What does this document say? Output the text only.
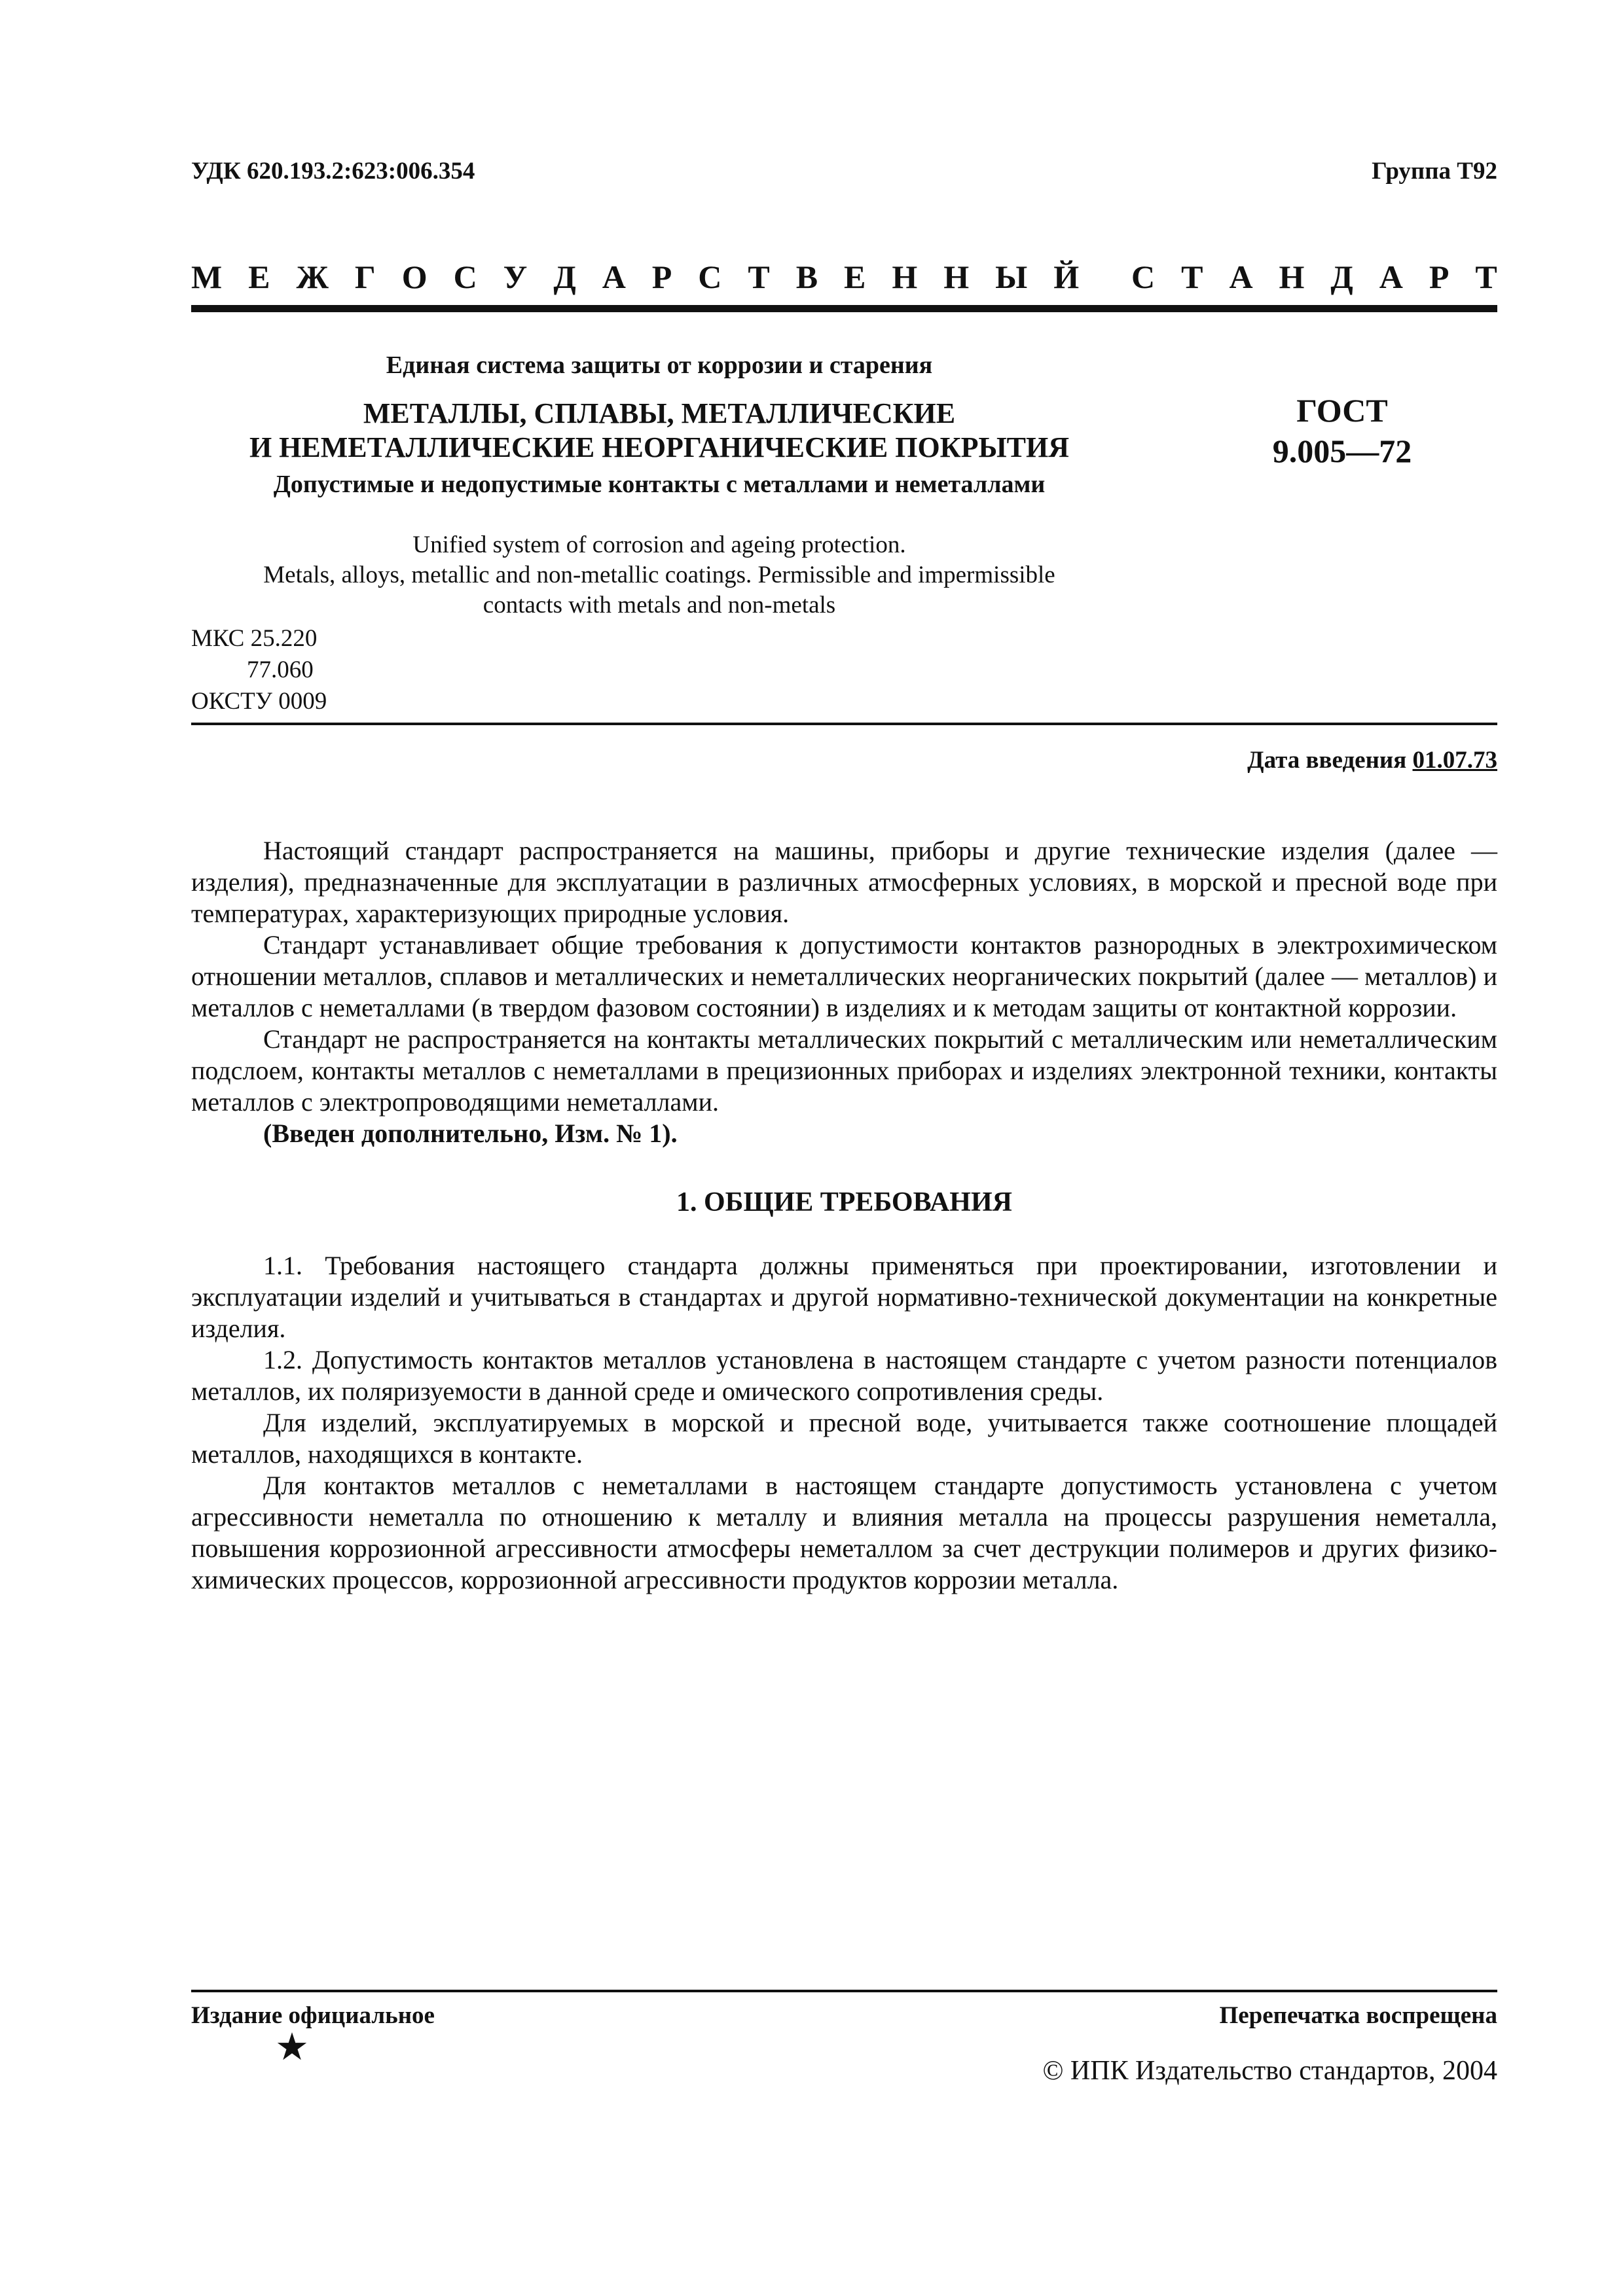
УДК 620.193.2:623:006.354	Группа Т92
М Е Ж Г О С У Д А Р С Т В Е Н Н Ы Й С Т А Н Д А Р Т
Единая система защиты от коррозии и старения
МЕТАЛЛЫ, СПЛАВЫ, МЕТАЛЛИЧЕСКИЕ
И НЕМЕТАЛЛИЧЕСКИЕ НЕОРГАНИЧЕСКИЕ ПОКРЫТИЯ
Допустимые и недопустимые контакты с металлами и неметаллами
ГОСТ
9.005—72
Unified system of corrosion and ageing protection.
Metals, alloys, metallic and non-metallic coatings. Permissible and impermissible
contacts with metals and non-metals
МКС 25.220
77.060
ОКСТУ 0009
Дата введения 01.07.73

Настоящий стандарт распространяется на машины, приборы и другие технические изделия (далее — изделия), предназначенные для эксплуатации в различных атмосферных условиях, в морской и пресной воде при температурах, характеризующих природные условия.

Стандарт устанавливает общие требования к допустимости контактов разнородных в электрохимическом отношении металлов, сплавов и металлических и неметаллических неорганических покрытий (далее — металлов) и металлов с неметаллами (в твердом фазовом состоянии) в изделиях и к методам защиты от контактной коррозии.

Стандарт не распространяется на контакты металлических покрытий с металлическим или неметаллическим подслоем, контакты металлов с неметаллами в прецизионных приборах и изделиях электронной техники, контакты металлов с электропроводящими неметаллами.

(Введен дополнительно, Изм. № 1).

1. ОБЩИЕ ТРЕБОВАНИЯ

1.1. Требования настоящего стандарта должны применяться при проектировании, изготовлении и эксплуатации изделий и учитываться в стандартах и другой нормативно-технической документации на конкретные изделия.

1.2. Допустимость контактов металлов установлена в настоящем стандарте с учетом разности потенциалов металлов, их поляризуемости в данной среде и омического сопротивления среды.

Для изделий, эксплуатируемых в морской и пресной воде, учитывается также соотношение площадей металлов, находящихся в контакте.

Для контактов металлов с неметаллами в настоящем стандарте допустимость установлена с учетом агрессивности неметалла по отношению к металлу и влияния металла на процессы разрушения неметалла, повышения коррозионной агрессивности атмосферы неметаллом за счет деструкции полимеров и других физико-химических процессов, коррозионной агрессивности продуктов коррозии металла.

Издание официальное	Перепечатка воспрещена
★
© ИПК Издательство стандартов, 2004
